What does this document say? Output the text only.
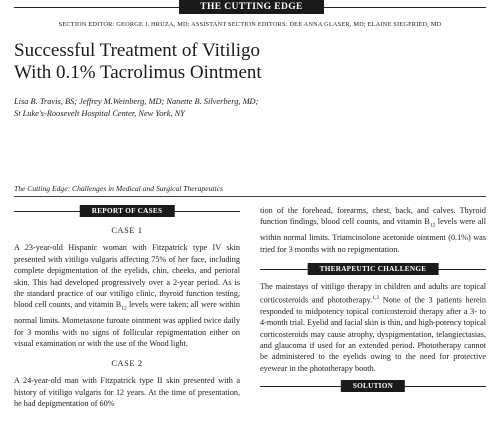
THE CUTTING EDGE
SECTION EDITOR: GEORGE J. HRUZA, MD; ASSISTANT SECTION EDITORS: DEE ANNA GLASER, MD; ELAINE SIEGFRIED, MD
Successful Treatment of Vitiligo
With 0.1% Tacrolimus Ointment
Lisa B. Travis, BS; Jeffrey M.Weinberg, MD; Nanette B. Silverberg, MD;
St Luke's-Roosevelt Hospital Center, New York, NY
The Cutting Edge: Challenges in Medical and Surgical Therapeutics
REPORT OF CASES
CASE 1

A 23-year-old Hispanic woman with Fitzpatrick type IV skin presented with vitiligo vulgaris affecting 75% of her face, including complete depigmentation of the eyelids, chin, cheeks, and perioral skin. This had developed progressively over a 2-year period. As is the standard practice of our vitiligo clinic, thyroid function testing, blood cell counts, and vitamin $B_{12}$ levels were taken; all were within normal limits. Mometasone furoate ointment was applied twice daily for 3 months with no signs of follicular repigmentation either on visual examination or with the use of the Wood light.

CASE 2

A 24-year-old man with Fitzpatrick type II skin presented with a history of vitiligo vulgaris for 12 years. At the time of presentation, he had depigmentation of 60%

tion of the forehead, forearms, chest, back, and calves. Thyroid function findings, blood cell counts, and vitamin $B_{12}$ levels were all within normal limits. Triamcinolone acetonide ointment (0.1%) was tried for 3 months with no repigmentation.

THERAPEUTIC CHALLENGE

The mainstays of vitiligo therapy in children and adults are topical corticosteroids and phototherapy.$^{1,2}$ None of the 3 patients herein responded to midpotency topical corticosteroid therapy after a 3- to 4-month trial. Eyelid and facial skin is thin, and high-potency topical corticosteroids may cause atrophy, dyspigmentation, telangiectasias, and glaucoma if used for an extended period. Phototherapy cannot be administered to the eyelids owing to the need for protective eyewear in the phototherapy booth.

SOLUTION
